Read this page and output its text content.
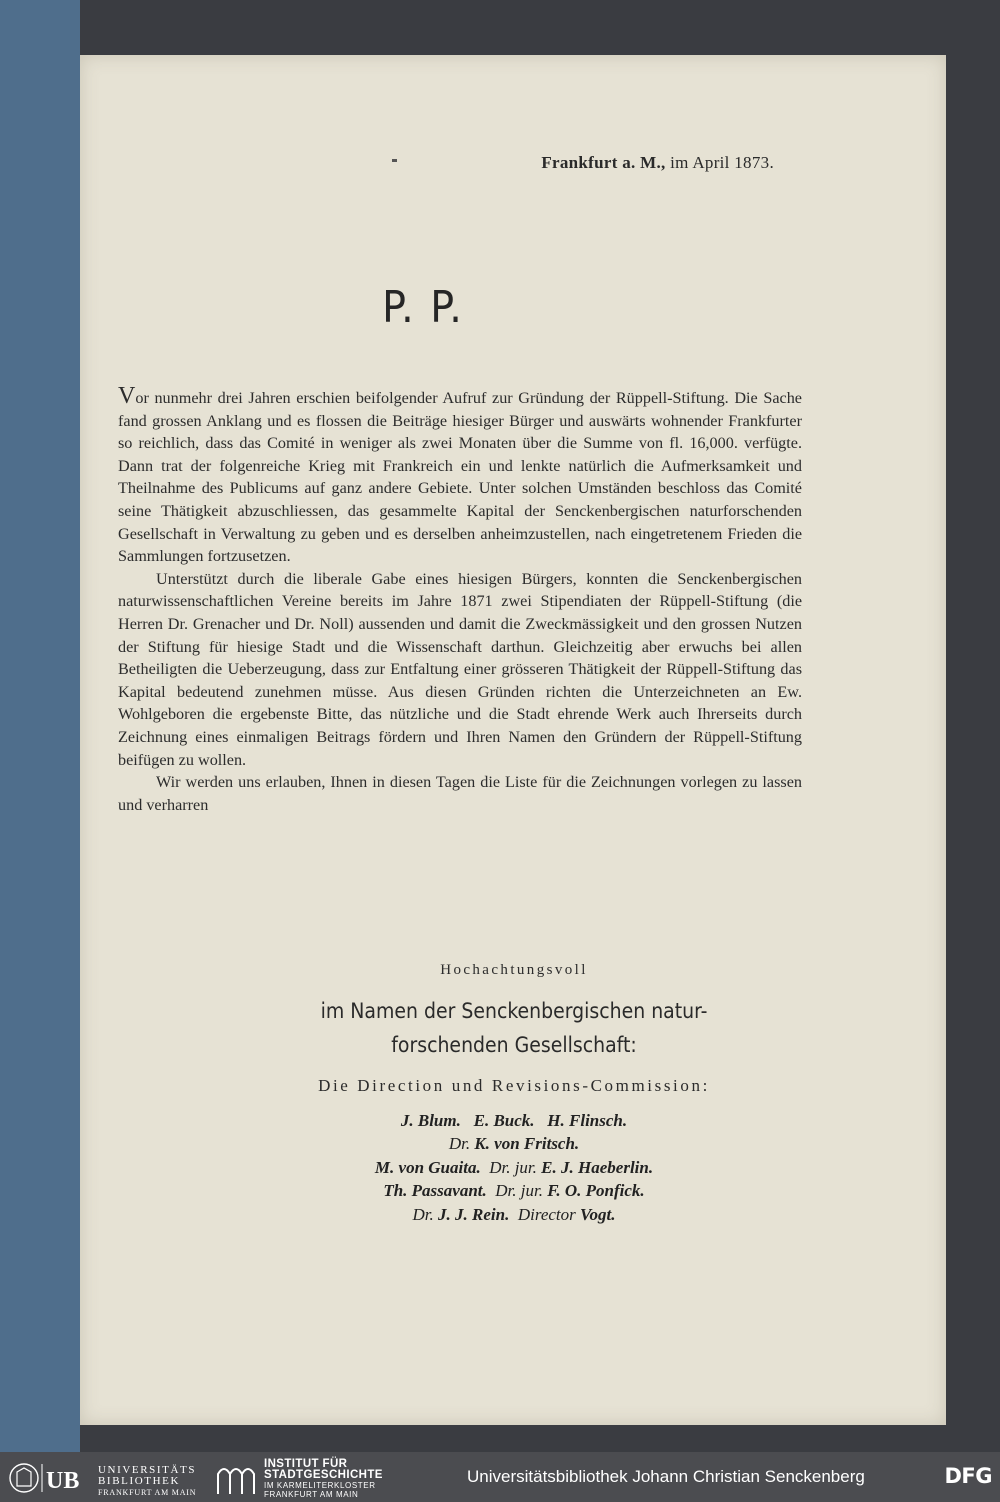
Frankfurt a. M., im April 1873.
P. P.

Vor nunmehr drei Jahren erschien beifolgender Aufruf zur Gründung der Rüppell-Stiftung. Die Sache fand grossen Anklang und es flossen die Beiträge hiesiger Bürger und auswärts wohnender Frankfurter so reichlich, dass das Comité in weniger als zwei Monaten über die Summe von fl. 16,000. verfügte. Dann trat der folgenreiche Krieg mit Frankreich ein und lenkte natürlich die Aufmerksamkeit und Theilnahme des Publicums auf ganz andere Gebiete. Unter solchen Umständen beschloss das Comité seine Thätigkeit abzuschliessen, das gesammelte Kapital der Senckenbergischen naturforschenden Gesellschaft in Verwaltung zu geben und es derselben anheimzustellen, nach eingetretenem Frieden die Sammlungen fortzusetzen.

Unterstützt durch die liberale Gabe eines hiesigen Bürgers, konnten die Senckenbergischen naturwissenschaftlichen Vereine bereits im Jahre 1871 zwei Stipendiaten der Rüppell-Stiftung (die Herren Dr. Grenacher und Dr. Noll) aussenden und damit die Zweckmässigkeit und den grossen Nutzen der Stiftung für hiesige Stadt und die Wissenschaft darthun. Gleichzeitig aber erwuchs bei allen Betheiligten die Ueberzeugung, dass zur Entfaltung einer grösseren Thätigkeit der Rüppell-Stiftung das Kapital bedeutend zunehmen müsse. Aus diesen Gründen richten die Unterzeichneten an Ew. Wohlgeboren die ergebenste Bitte, das nützliche und die Stadt ehrende Werk auch Ihrerseits durch Zeichnung eines einmaligen Beitrags fördern und Ihren Namen den Gründern der Rüppell-Stiftung beifügen zu wollen.

Wir werden uns erlauben, Ihnen in diesen Tagen die Liste für die Zeichnungen vorlegen zu lassen und verharren

Hochachtungsvoll
im Namen der Senckenbergischen natur-
forschenden Gesellschaft:
Die Direction und Revisions-Commission:
J. Blum. E. Buck. H. Flinsch.
Dr. K. von Fritsch.
M. von Guaita. Dr. jur. E. J. Haeberlin.
Th. Passavant. Dr. jur. F. O. Ponfick.
Dr. J. J. Rein. Director Vogt.
UB UNIVERSITÄTS
BIBLIOTHEK
FRANKFURT AM MAIN
INSTITUT FÜR
STADTGESCHICHTE
IM KARMELITERKLOSTER
FRANKFURT AM MAIN
Universitätsbibliothek Johann Christian Senckenberg	DFG
